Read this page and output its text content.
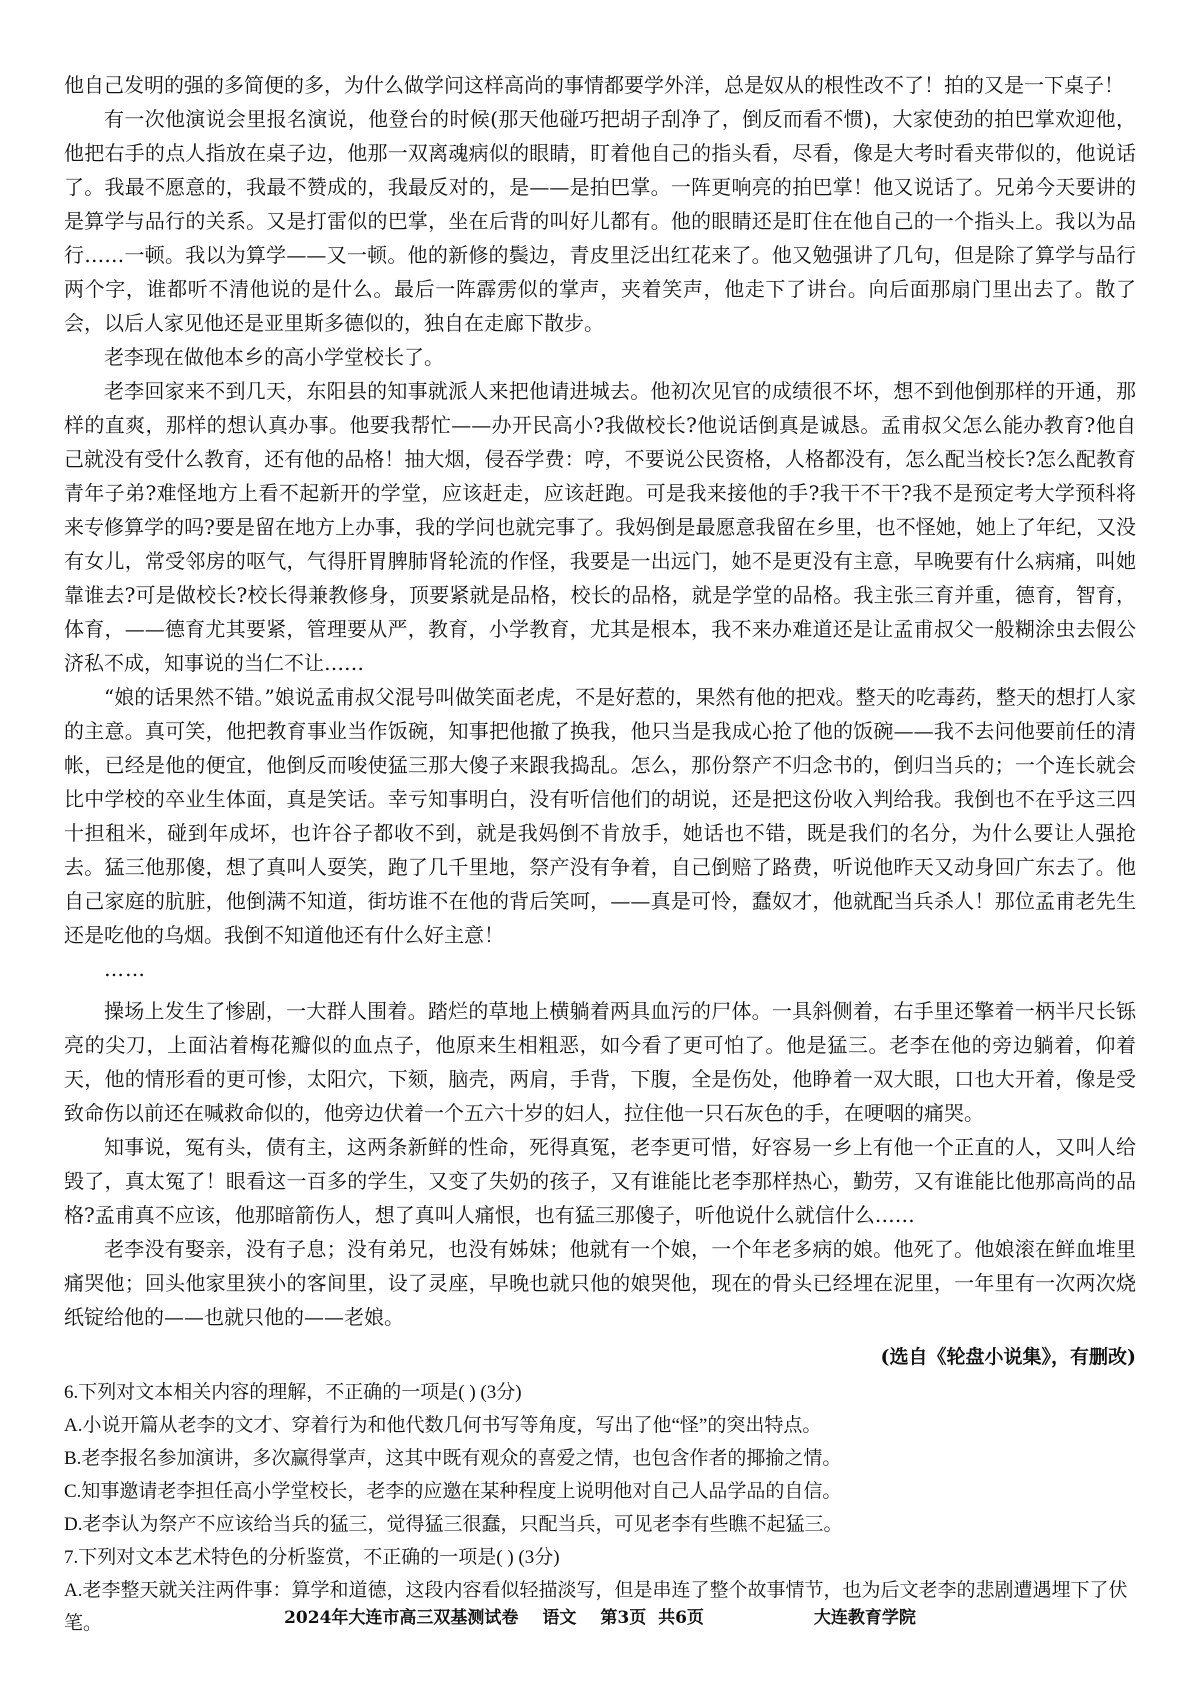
他自己发明的强的多简便的多，为什么做学问这样高尚的事情都要学外洋，总是奴从的根性改不了！拍的又是一下桌子！

有一次他演说会里报名演说，他登台的时候(那天他碰巧把胡子刮净了，倒反而看不惯)，大家使劲的拍巴掌欢迎他，他把右手的点人指放在桌子边，他那一双离魂病似的眼睛，盯着他自己的指头看，尽看，像是大考时看夹带似的，他说话了。我最不愿意的，我最不赞成的，我最反对的，是——是拍巴掌。一阵更响亮的拍巴掌！他又说话了。兄弟今天要讲的是算学与品行的关系。又是打雷似的巴掌，坐在后背的叫好儿都有。他的眼睛还是盯住在他自己的一个指头上。我以为品行……一顿。我以为算学——又一顿。他的新修的鬓边，青皮里泛出红花来了。他又勉强讲了几句，但是除了算学与品行两个字，谁都听不清他说的是什么。最后一阵霹雳似的掌声，夹着笑声，他走下了讲台。向后面那扇门里出去了。散了会，以后人家见他还是亚里斯多德似的，独自在走廊下散步。

老李现在做他本乡的高小学堂校长了。

老李回家来不到几天，东阳县的知事就派人来把他请进城去。他初次见官的成绩很不坏，想不到他倒那样的开通，那样的直爽，那样的想认真办事。他要我帮忙——办开民高小?我做校长?他说话倒真是诚恳。孟甫叔父怎么能办教育?他自己就没有受什么教育，还有他的品格！抽大烟，侵吞学费：哼，不要说公民资格，人格都没有，怎么配当校长?怎么配教育青年子弟?难怪地方上看不起新开的学堂，应该赶走，应该赶跑。可是我来接他的手?我干不干?我不是预定考大学预科将来专修算学的吗?要是留在地方上办事，我的学问也就完事了。我妈倒是最愿意我留在乡里，也不怪她，她上了年纪，又没有女儿，常受邻房的呕气，气得肝胃脾肺肾轮流的作怪，我要是一出远门，她不是更没有主意，早晚要有什么病痛，叫她靠谁去?可是做校长?校长得兼教修身，顶要紧就是品格，校长的品格，就是学堂的品格。我主张三育并重，德育，智育，体育，——德育尤其要紧，管理要从严，教育，小学教育，尤其是根本，我不来办难道还是让孟甫叔父一般糊涂虫去假公济私不成，知事说的当仁不让……

“娘的话果然不错。”娘说孟甫叔父混号叫做笑面老虎，不是好惹的，果然有他的把戏。整天的吃毒药，整天的想打人家的主意。真可笑，他把教育事业当作饭碗，知事把他撤了换我，他只当是我成心抢了他的饭碗——我不去问他要前任的清帐，已经是他的便宜，他倒反而唆使猛三那大傻子来跟我捣乱。怎么，那份祭产不归念书的，倒归当兵的；一个连长就会比中学校的卒业生体面，真是笑话。幸亏知事明白，没有听信他们的胡说，还是把这份收入判给我。我倒也不在乎这三四十担租米，碰到年成坏，也许谷子都收不到，就是我妈倒不肯放手，她话也不错，既是我们的名分，为什么要让人强抢去。猛三他那傻，想了真叫人耍笑，跑了几千里地，祭产没有争着，自己倒赔了路费，听说他昨天又动身回广东去了。他自己家庭的肮脏，他倒满不知道，街坊谁不在他的背后笑呵，——真是可怜，蠢奴才，他就配当兵杀人！那位孟甫老先生还是吃他的乌烟。我倒不知道他还有什么好主意！

……

操场上发生了惨剧，一大群人围着。踏烂的草地上横躺着两具血污的尸体。一具斜侧着，右手里还擎着一柄半尺长铄亮的尖刀，上面沾着梅花瓣似的血点子，他原来生相粗恶，如今看了更可怕了。他是猛三。老李在他的旁边躺着，仰着天，他的情形看的更可惨，太阳穴，下颏，脑壳，两肩，手背，下腹，全是伤处，他睁着一双大眼，口也大开着，像是受致命伤以前还在喊救命似的，他旁边伏着一个五六十岁的妇人，拉住他一只石灰色的手，在哽咽的痛哭。

知事说，冤有头，债有主，这两条新鲜的性命，死得真冤，老李更可惜，好容易一乡上有他一个正直的人，又叫人给毁了，真太冤了！眼看这一百多的学生，又变了失奶的孩子，又有谁能比老李那样热心，勤劳，又有谁能比他那高尚的品格?孟甫真不应该，他那暗箭伤人，想了真叫人痛恨，也有猛三那傻子，听他说什么就信什么……

老李没有娶亲，没有子息；没有弟兄，也没有姊妹；他就有一个娘，一个年老多病的娘。他死了。他娘滚在鲜血堆里痛哭他；回头他家里狭小的客间里，设了灵座，早晚也就只他的娘哭他，现在的骨头已经埋在泥里，一年里有一次两次烧纸锭给他的——也就只他的——老娘。

(选自《轮盘小说集》，有删改)

6.下列对文本相关内容的理解，不正确的一项是( ) (3分)

A.小说开篇从老李的文才、穿着行为和他代数几何书写等角度，写出了他“怪”的突出特点。

B.老李报名参加演讲，多次赢得掌声，这其中既有观众的喜爱之情，也包含作者的揶揄之情。

C.知事邀请老李担任高小学堂校长，老李的应邀在某种程度上说明他对自己人品学品的自信。

D.老李认为祭产不应该给当兵的猛三，觉得猛三很蠢，只配当兵，可见老李有些瞧不起猛三。

7.下列对文本艺术特色的分析鉴赏，不正确的一项是( ) (3分)

A.老李整天就关注两件事：算学和道德，这段内容看似轻描淡写，但是串连了整个故事情节，也为后文老李的悲剧遭遇埋下了伏笔。	2024年大连市高三双基测试卷 语文 第3页  共6页	大连教育学院
